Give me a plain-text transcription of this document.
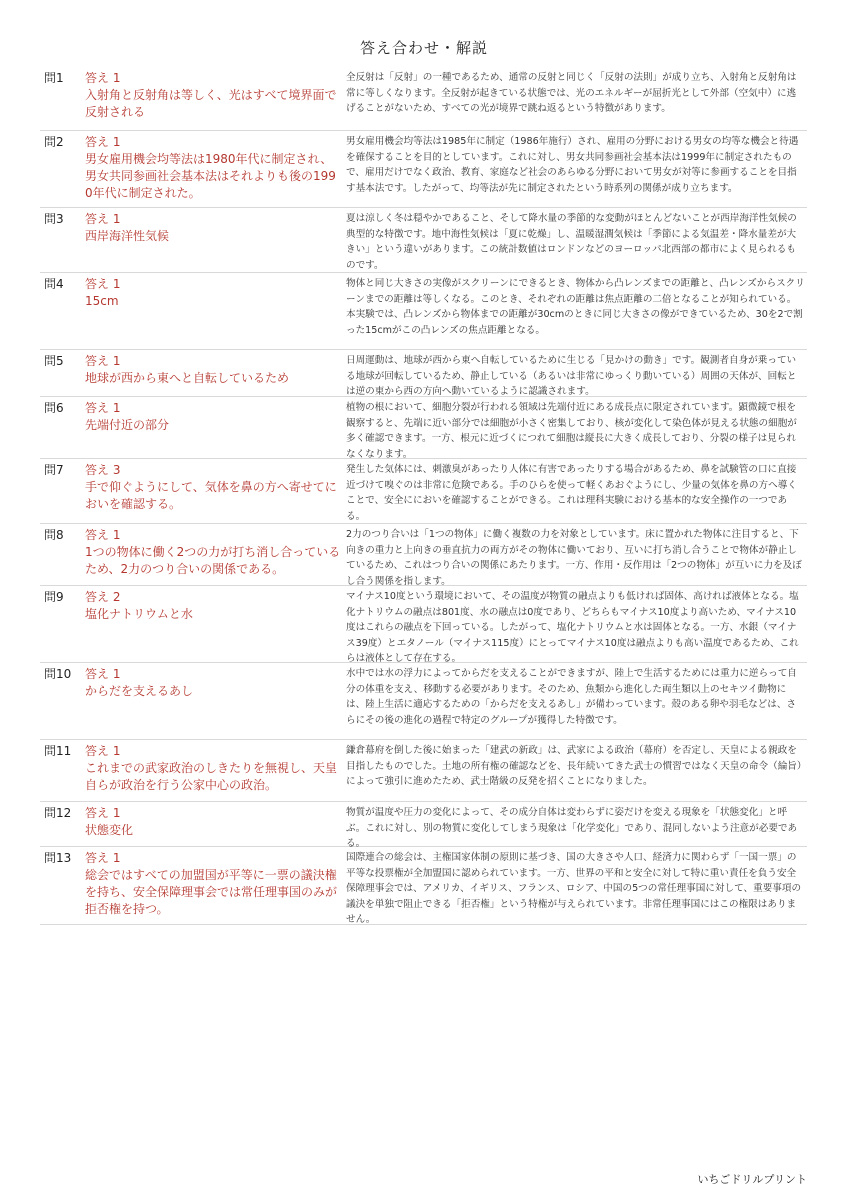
答え合わせ・解説
問1	答え 1
入射角と反射角は等しく、光はすべて境界面で反射される
全反射は「反射」の一種であるため、通常の反射と同じく「反射の法則」が成り立ち、入射角と反射角は常に等しくなります。全反射が起きている状態では、光のエネルギーが屈折光として外部（空気中）に逃げることがないため、すべての光が境界で跳ね返るという特徴があります。
問2	答え 1
男女雇用機会均等法は1980年代に制定され、男女共同参画社会基本法はそれよりも後の1990年代に制定された。
男女雇用機会均等法は1985年に制定（1986年施行）され、雇用の分野における男女の均等な機会と待遇を確保することを目的としています。これに対し、男女共同参画社会基本法は1999年に制定されたもので、雇用だけでなく政治、教育、家庭など社会のあらゆる分野において男女が対等に参画することを目指す基本法です。したがって、均等法が先に制定されたという時系列の関係が成り立ちます。
問3	答え 1
西岸海洋性気候
夏は涼しく冬は穏やかであること、そして降水量の季節的な変動がほとんどないことが西岸海洋性気候の典型的な特徴です。地中海性気候は「夏に乾燥」し、温暖湿潤気候は「季節による気温差・降水量差が大きい」という違いがあります。この統計数値はロンドンなどのヨーロッパ北西部の都市によく見られるものです。
問4	答え 1
15cm
物体と同じ大きさの実像がスクリーンにできるとき、物体から凸レンズまでの距離と、凸レンズからスクリーンまでの距離は等しくなる。このとき、それぞれの距離は焦点距離の二倍となることが知られている。本実験では、凸レンズから物体までの距離が30cmのときに同じ大きさの像ができているため、30を2で割った15cmがこの凸レンズの焦点距離となる。
問5	答え 1
地球が西から東へと自転しているため
日周運動は、地球が西から東へ自転しているために生じる「見かけの動き」です。観測者自身が乗っている地球が回転しているため、静止している（あるいは非常にゆっくり動いている）周囲の天体が、回転とは逆の東から西の方向へ動いているように認識されます。
問6	答え 1
先端付近の部分
植物の根において、細胞分裂が行われる領域は先端付近にある成長点に限定されています。顕微鏡で根を観察すると、先端に近い部分では細胞が小さく密集しており、核が変化して染色体が見える状態の細胞が多く確認できます。一方、根元に近づくにつれて細胞は縦長に大きく成長しており、分裂の様子は見られなくなります。
問7	答え 3
手で仰ぐようにして、気体を鼻の方へ寄せてにおいを確認する。
発生した気体には、刺激臭があったり人体に有害であったりする場合があるため、鼻を試験管の口に直接近づけて嗅ぐのは非常に危険である。手のひらを使って軽くあおぐようにし、少量の気体を鼻の方へ導くことで、安全ににおいを確認することができる。これは理科実験における基本的な安全操作の一つである。
問8	答え 1
1つの物体に働く2つの力が打ち消し合っているため、2力のつり合いの関係である。
2力のつり合いは「1つの物体」に働く複数の力を対象としています。床に置かれた物体に注目すると、下向きの重力と上向きの垂直抗力の両方がその物体に働いており、互いに打ち消し合うことで物体が静止しているため、これはつり合いの関係にあたります。一方、作用・反作用は「2つの物体」が互いに力を及ぼし合う関係を指します。
問9	答え 2
塩化ナトリウムと水
マイナス10度という環境において、その温度が物質の融点よりも低ければ固体、高ければ液体となる。塩化ナトリウムの融点は801度、水の融点は0度であり、どちらもマイナス10度より高いため、マイナス10度はこれらの融点を下回っている。したがって、塩化ナトリウムと水は固体となる。一方、水銀（マイナス39度）とエタノール（マイナス115度）にとってマイナス10度は融点よりも高い温度であるため、これらは液体として存在する。
問10	答え 1
からだを支えるあし
水中では水の浮力によってからだを支えることができますが、陸上で生活するためには重力に逆らって自分の体重を支え、移動する必要があります。そのため、魚類から進化した両生類以上のセキツイ動物には、陸上生活に適応するための「からだを支えるあし」が備わっています。殻のある卵や羽毛などは、さらにその後の進化の過程で特定のグループが獲得した特徴です。
問11	答え 1
これまでの武家政治のしきたりを無視し、天皇自らが政治を行う公家中心の政治。
鎌倉幕府を倒した後に始まった「建武の新政」は、武家による政治（幕府）を否定し、天皇による親政を目指したものでした。土地の所有権の確認などを、長年続いてきた武士の慣習ではなく天皇の命令（綸旨）によって強引に進めたため、武士階級の反発を招くことになりました。
問12	答え 1
状態変化
物質が温度や圧力の変化によって、その成分自体は変わらずに姿だけを変える現象を「状態変化」と呼ぶ。これに対し、別の物質に変化してしまう現象は「化学変化」であり、混同しないよう注意が必要である。
問13	答え 1
総会ではすべての加盟国が平等に一票の議決権を持ち、安全保障理事会では常任理事国のみが拒否権を持つ。
国際連合の総会は、主権国家体制の原則に基づき、国の大きさや人口、経済力に関わらず「一国一票」の平等な投票権が全加盟国に認められています。一方、世界の平和と安全に対して特に重い責任を負う安全保障理事会では、アメリカ、イギリス、フランス、ロシア、中国の5つの常任理事国に対して、重要事項の議決を単独で阻止できる「拒否権」という特権が与えられています。非常任理事国にはこの権限はありません。
いちごドリルプリント
